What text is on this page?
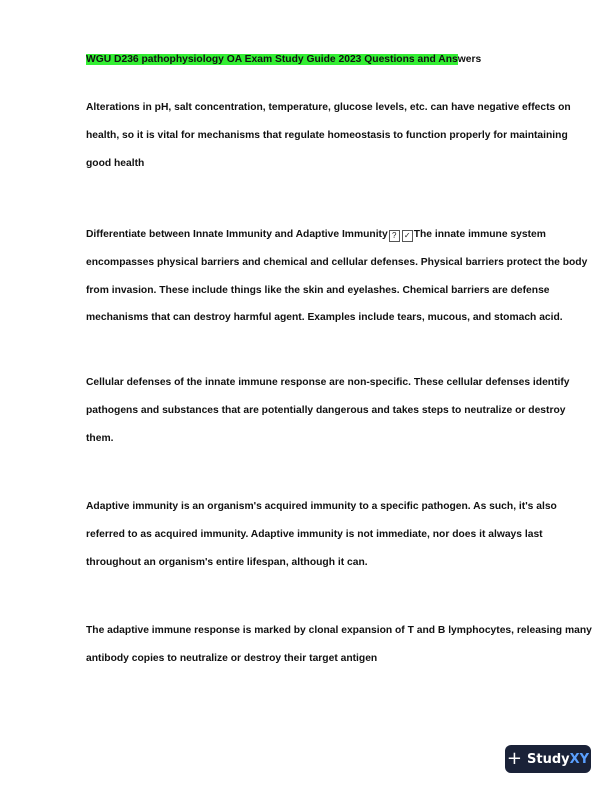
WGU D236 pathophysiology OA Exam Study Guide 2023 Questions and Answers
Alterations in pH, salt concentration, temperature, glucose levels, etc. can have negative effects on
health, so it is vital for mechanisms that regulate homeostasis to function properly for maintaining
good health
Differentiate between Innate Immunity and Adaptive Immunity ? ✓ The innate immune system
encompasses physical barriers and chemical and cellular defenses. Physical barriers protect the body
from invasion. These include things like the skin and eyelashes. Chemical barriers are defense
mechanisms that can destroy harmful agent. Examples include tears, mucous, and stomach acid.
Cellular defenses of the innate immune response are non-specific. These cellular defenses identify
pathogens and substances that are potentially dangerous and takes steps to neutralize or destroy
them.
Adaptive immunity is an organism's acquired immunity to a specific pathogen. As such, it's also
referred to as acquired immunity. Adaptive immunity is not immediate, nor does it always last
throughout an organism's entire lifespan, although it can.
The adaptive immune response is marked by clonal expansion of T and B lymphocytes, releasing many
antibody copies to neutralize or destroy their target antigen
+ StudyXY
